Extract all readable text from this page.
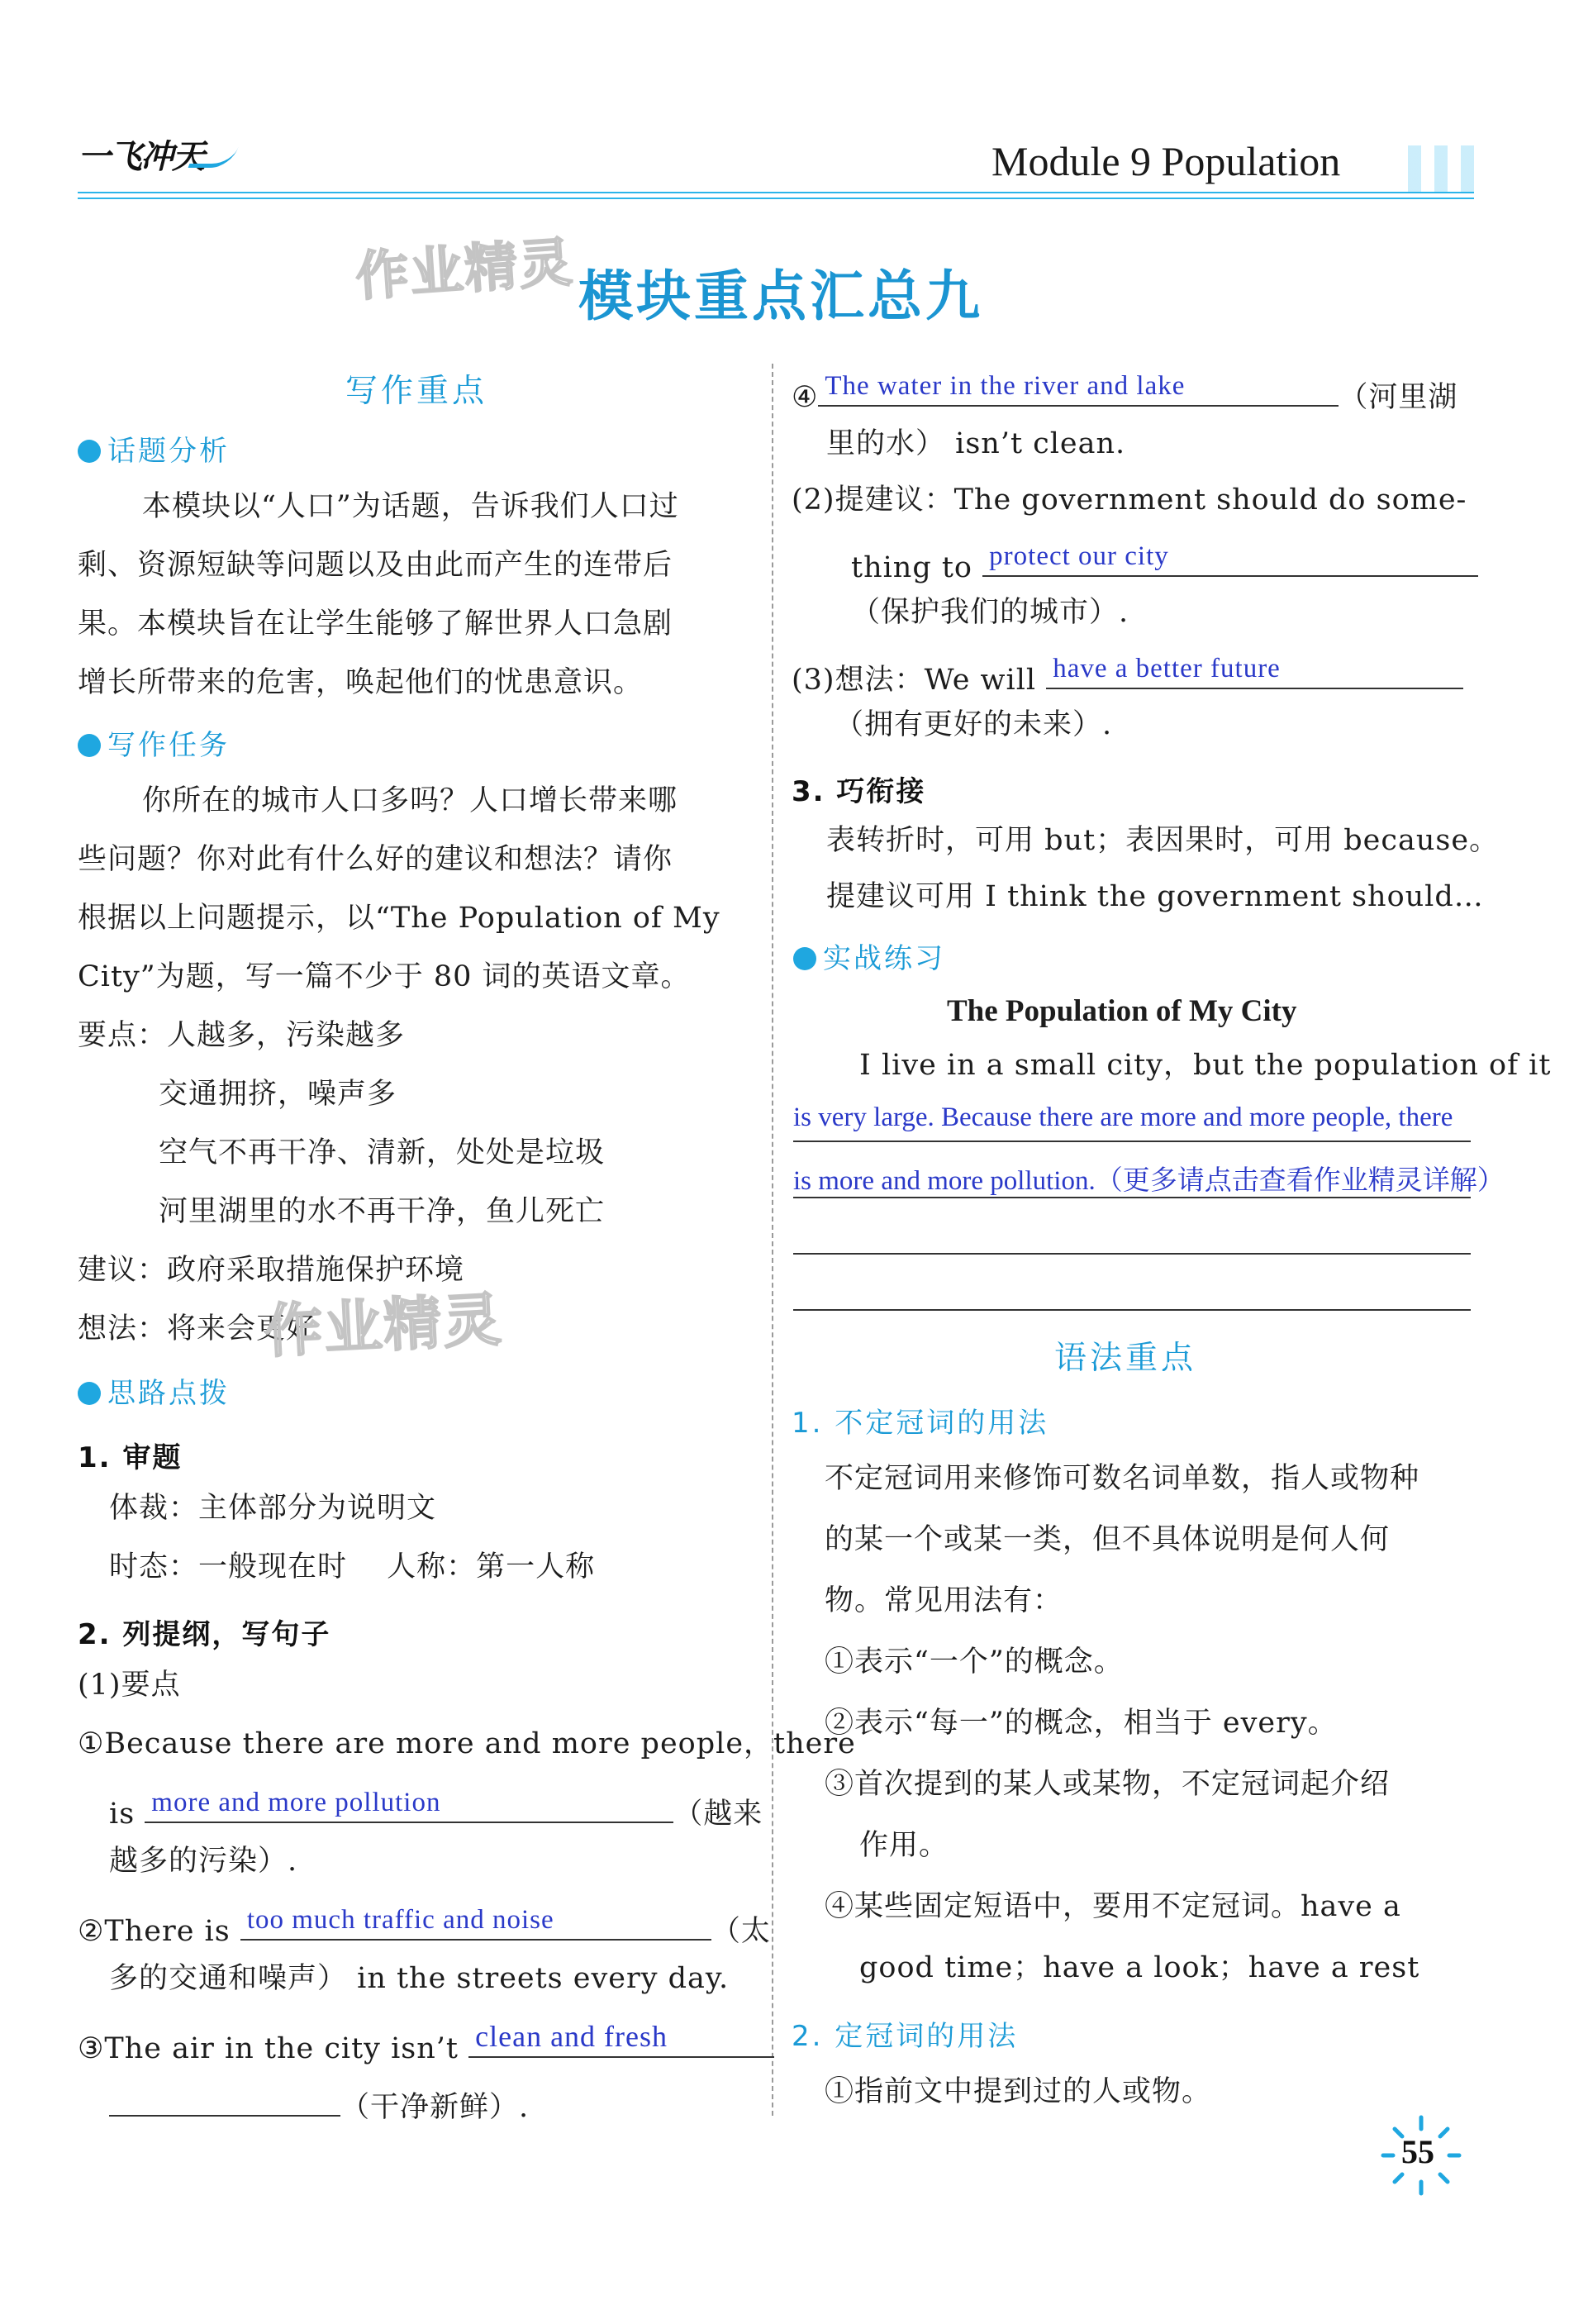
一飞冲天	Module 9 Population
作业精灵 模块重点汇总九
写作重点
话题分析
本模块以“人口”为话题，告诉我们人口过
剩、资源短缺等问题以及由此而产生的连带后
果。本模块旨在让学生能够了解世界人口急剧
增长所带来的危害，唤起他们的忧患意识。
写作任务
你所在的城市人口多吗？人口增长带来哪
些问题？你对此有什么好的建议和想法？请你
根据以上问题提示，以“The Population of My
City”为题，写一篇不少于 80 词的英语文章。
要点：人越多，污染越多
交通拥挤，噪声多
空气不再干净、清新，处处是垃圾
河里湖里的水不再干净，鱼儿死亡
建议：政府采取措施保护环境
想法：将来会更好
作业精灵
思路点拨
1. 审题
体裁：主体部分为说明文
时态：一般现在时　 人称：第一人称
2. 列提纲，写句子
(1)要点
①Because there are more and more people，there
is more and more pollution	（越来
越多的污染）.
②There is too much traffic and noise	（太
多的交通和噪声） in the streets every day.
③The air in the city isn’t clean and fresh
（干净新鲜）.
④ The water in the river and lake	（河里湖
里的水） isn’t clean.
(2)提建议：The government should do some-
thing to protect our city
（保护我们的城市）.
(3)想法：We will have a better future
（拥有更好的未来）.
3. 巧衔接
表转折时，可用 but；表因果时，可用 because。
提建议可用 I think the government should…
实战练习
The Population of My City
I live in a small city，but the population of it
is very large. Because there are more and more people, there
is more and more pollution.（更多请点击查看作业精灵详解）
语法重点
1. 不定冠词的用法
不定冠词用来修饰可数名词单数，指人或物种
的某一个或某一类，但不具体说明是何人何
物。常见用法有：
①表示“一个”的概念。
②表示“每一”的概念，相当于 every。
③首次提到的某人或某物，不定冠词起介绍
作用。
④某些固定短语中，要用不定冠词。have a
good time；have a look；have a rest
2. 定冠词的用法
①指前文中提到过的人或物。
55
